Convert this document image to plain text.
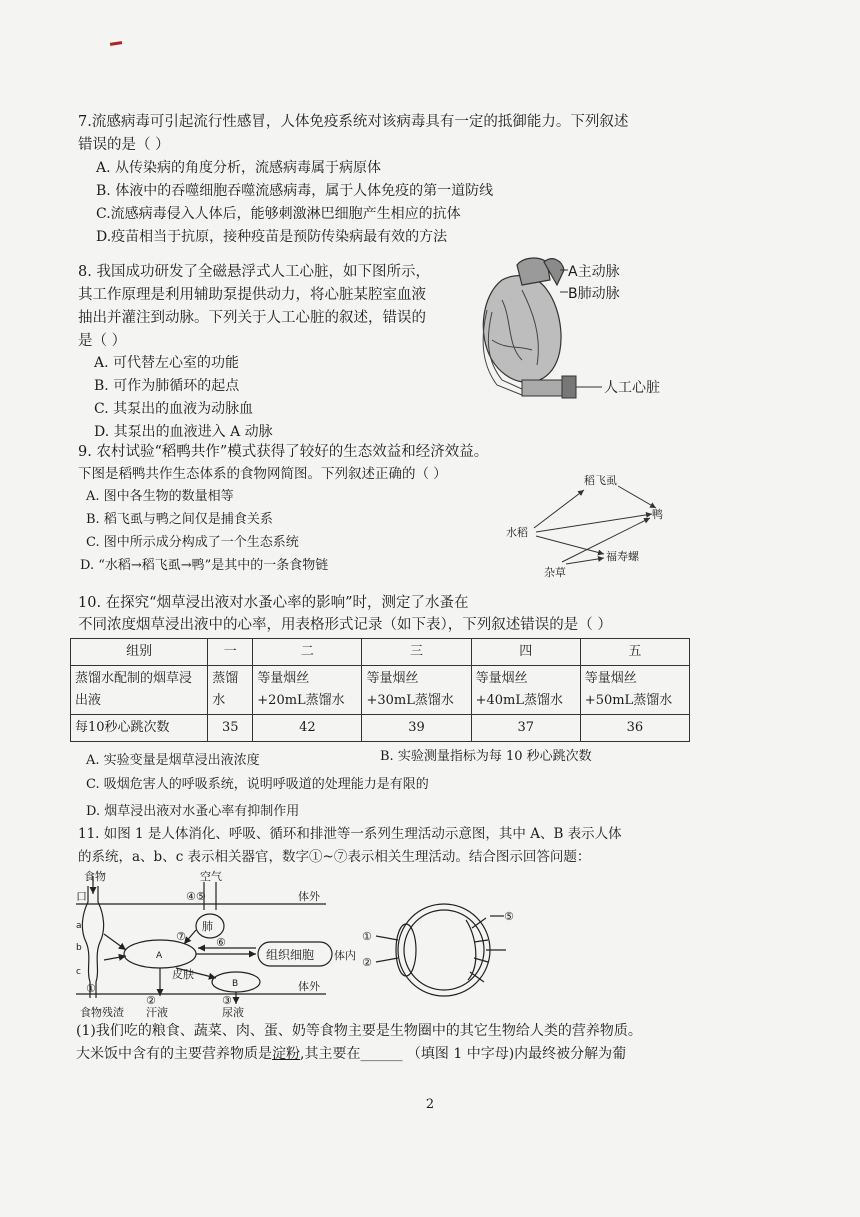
7.流感病毒可引起流行性感冒，人体免疫系统对该病毒具有一定的抵御能力。下列叙述
错误的是（ ）
A. 从传染病的角度分析，流感病毒属于病原体
B. 体液中的吞噬细胞吞噬流感病毒，属于人体免疫的第一道防线
C.流感病毒侵入人体后，能够刺激淋巴细胞产生相应的抗体
D.疫苗相当于抗原，接种疫苗是预防传染病最有效的方法
8. 我国成功研发了全磁悬浮式人工心脏，如下图所示，
其工作原理是利用辅助泵提供动力，将心脏某腔室血液
抽出并灌注到动脉。下列关于人工心脏的叙述，错误的
是（ ）
A. 可代替左心室的功能
B. 可作为肺循环的起点
C. 其泵出的血液为动脉血
D. 其泵出的血液进入 A 动脉
A主动脉
B肺动脉
人工心脏
9. 农村试验“稻鸭共作”模式获得了较好的生态效益和经济效益。
下图是稻鸭共作生态体系的食物网简图。下列叙述正确的（ ）
A. 图中各生物的数量相等
B. 稻飞虱与鸭之间仅是捕食关系
C. 图中所示成分构成了一个生态系统
D. “水稻→稻飞虱→鸭”是其中的一条食物链
稻飞虱
鸭
水稻
福寿螺
杂草
10. 在探究“烟草浸出液对水蚤心率的影响”时，测定了水蚤在
不同浓度烟草浸出液中的心率，用表格形式记录（如下表），下列叙述错误的是（ ）
组别	一	二	三	四	五
蒸馏水配制的烟草浸出液	蒸馏水	等量烟丝+20mL蒸馏水	等量烟丝+30mL蒸馏水	等量烟丝+40mL蒸馏水	等量烟丝+50mL蒸馏水
每10秒心跳次数	35	42	39	37	36
A. 实验变量是烟草浸出液浓度	B. 实验测量指标为每 10 秒心跳次数
C. 吸烟危害人的呼吸系统，说明呼吸道的处理能力是有限的
D. 烟草浸出液对水蚤心率有抑制作用
11. 如图 1 是人体消化、呼吸、循环和排泄等一系列生理活动示意图，其中 A、B 表示人体
的系统，a、b、c 表示相关器官，数字①~⑦表示相关生理活动。结合图示回答问题：
食物	空气
口
a
b
c
④⑤	体外
肺
⑦	⑥
A	组织细胞 体内
皮肤
B	体外
①
②	③
食物残渣 汗液	尿液
①
②
⑤
(1)我们吃的粮食、蔬菜、肉、蛋、奶等食物主要是生物圈中的其它生物给人类的营养物质。
大米饭中含有的主要营养物质是淀粉,其主要在______ （填图 1 中字母)内最终被分解为葡
2
